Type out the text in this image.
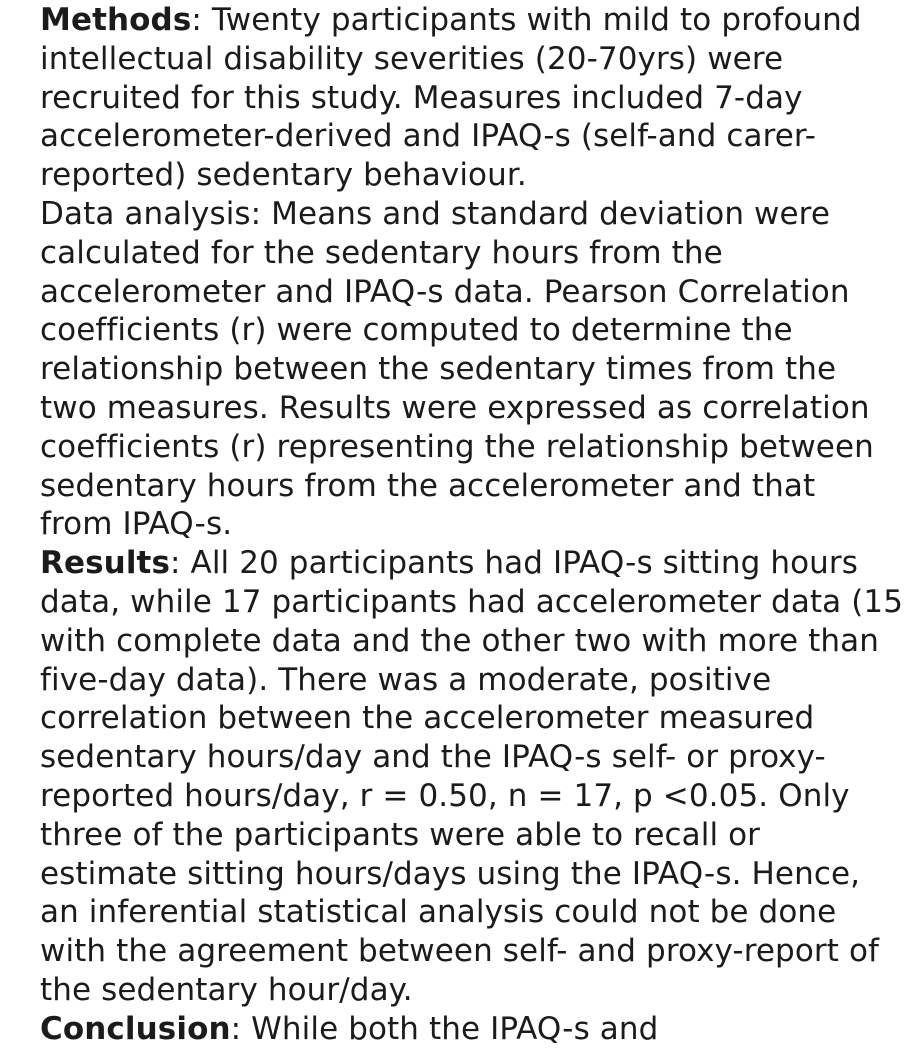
Methods: Twenty participants with mild to profound
intellectual disability severities (20-70yrs) were
recruited for this study. Measures included 7-day
accelerometer-derived and IPAQ-s (self-and carer-
reported) sedentary behaviour.

Data analysis: Means and standard deviation were
calculated for the sedentary hours from the
accelerometer and IPAQ-s data. Pearson Correlation
coefficients (r) were computed to determine the
relationship between the sedentary times from the
two measures. Results were expressed as correlation
coefficients (r) representing the relationship between
sedentary hours from the accelerometer and that
from IPAQ-s.

Results: All 20 participants had IPAQ-s sitting hours
data, while 17 participants had accelerometer data (15
with complete data and the other two with more than
five-day data). There was a moderate, positive
correlation between the accelerometer measured
sedentary hours/day and the IPAQ-s self- or proxy-
reported hours/day, r = 0.50, n = 17, p <0.05. Only
three of the participants were able to recall or
estimate sitting hours/days using the IPAQ-s. Hence,
an inferential statistical analysis could not be done
with the agreement between self- and proxy-report of
the sedentary hour/day.

Conclusion: While both the IPAQ-s and
